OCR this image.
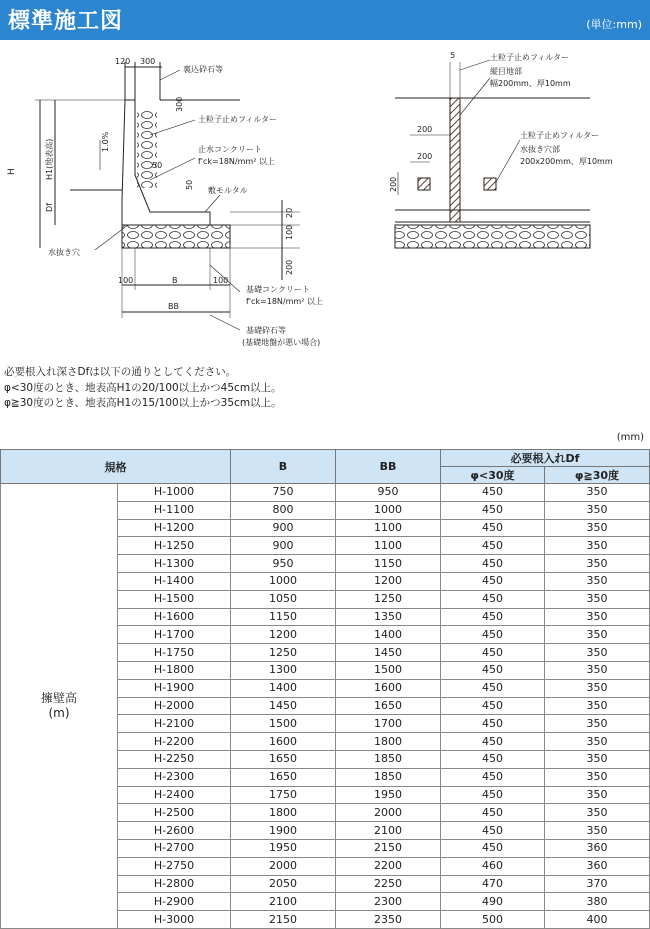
標準施工図	(単位:mm)
120 300
裏込砕石等
300
土粒子止めフィルター
1.0%	止水コンクリート
f'ck=18N/mm² 以上
50
50
敷モルタル
20
100
200
H	H1(地表高)
Df
水抜き穴
100	B	100
基礎コンクリート
f'ck=18N/mm² 以上
BB
基礎砕石等
(基礎地盤が悪い場合)
5	土粒子止めフィルター
縦目地部
幅200mm、厚10mm
200
土粒子止めフィルター
水抜き穴部
200x200mm、厚10mm
200
200
必要根入れ深さDfは以下の通りとしてください。
φ<30度のとき、地表高H1の20/100以上かつ45cm以上。
φ≧30度のとき、地表高H1の15/100以上かつ35cm以上。
(mm)
規格		B	BB	必要根入れDf	
				φ<30度	φ≧30度

擁壁高
(m)	H-1000	750	950	450	350
	H-1100	800	1000	450	350
	H-1200	900	1100	450	350
	H-1250	900	1100	450	350
	H-1300	950	1150	450	350
	H-1400	1000	1200	450	350
	H-1500	1050	1250	450	350
	H-1600	1150	1350	450	350
	H-1700	1200	1400	450	350
	H-1750	1250	1450	450	350
	H-1800	1300	1500	450	350
	H-1900	1400	1600	450	350
	H-2000	1450	1650	450	350
	H-2100	1500	1700	450	350
	H-2200	1600	1800	450	350
	H-2250	1650	1850	450	350
	H-2300	1650	1850	450	350
	H-2400	1750	1950	450	350
	H-2500	1800	2000	450	350
	H-2600	1900	2100	450	350
	H-2700	1950	2150	450	360
	H-2750	2000	2200	460	360
	H-2800	2050	2250	470	370
	H-2900	2100	2300	490	380
	H-3000	2150	2350	500	400
